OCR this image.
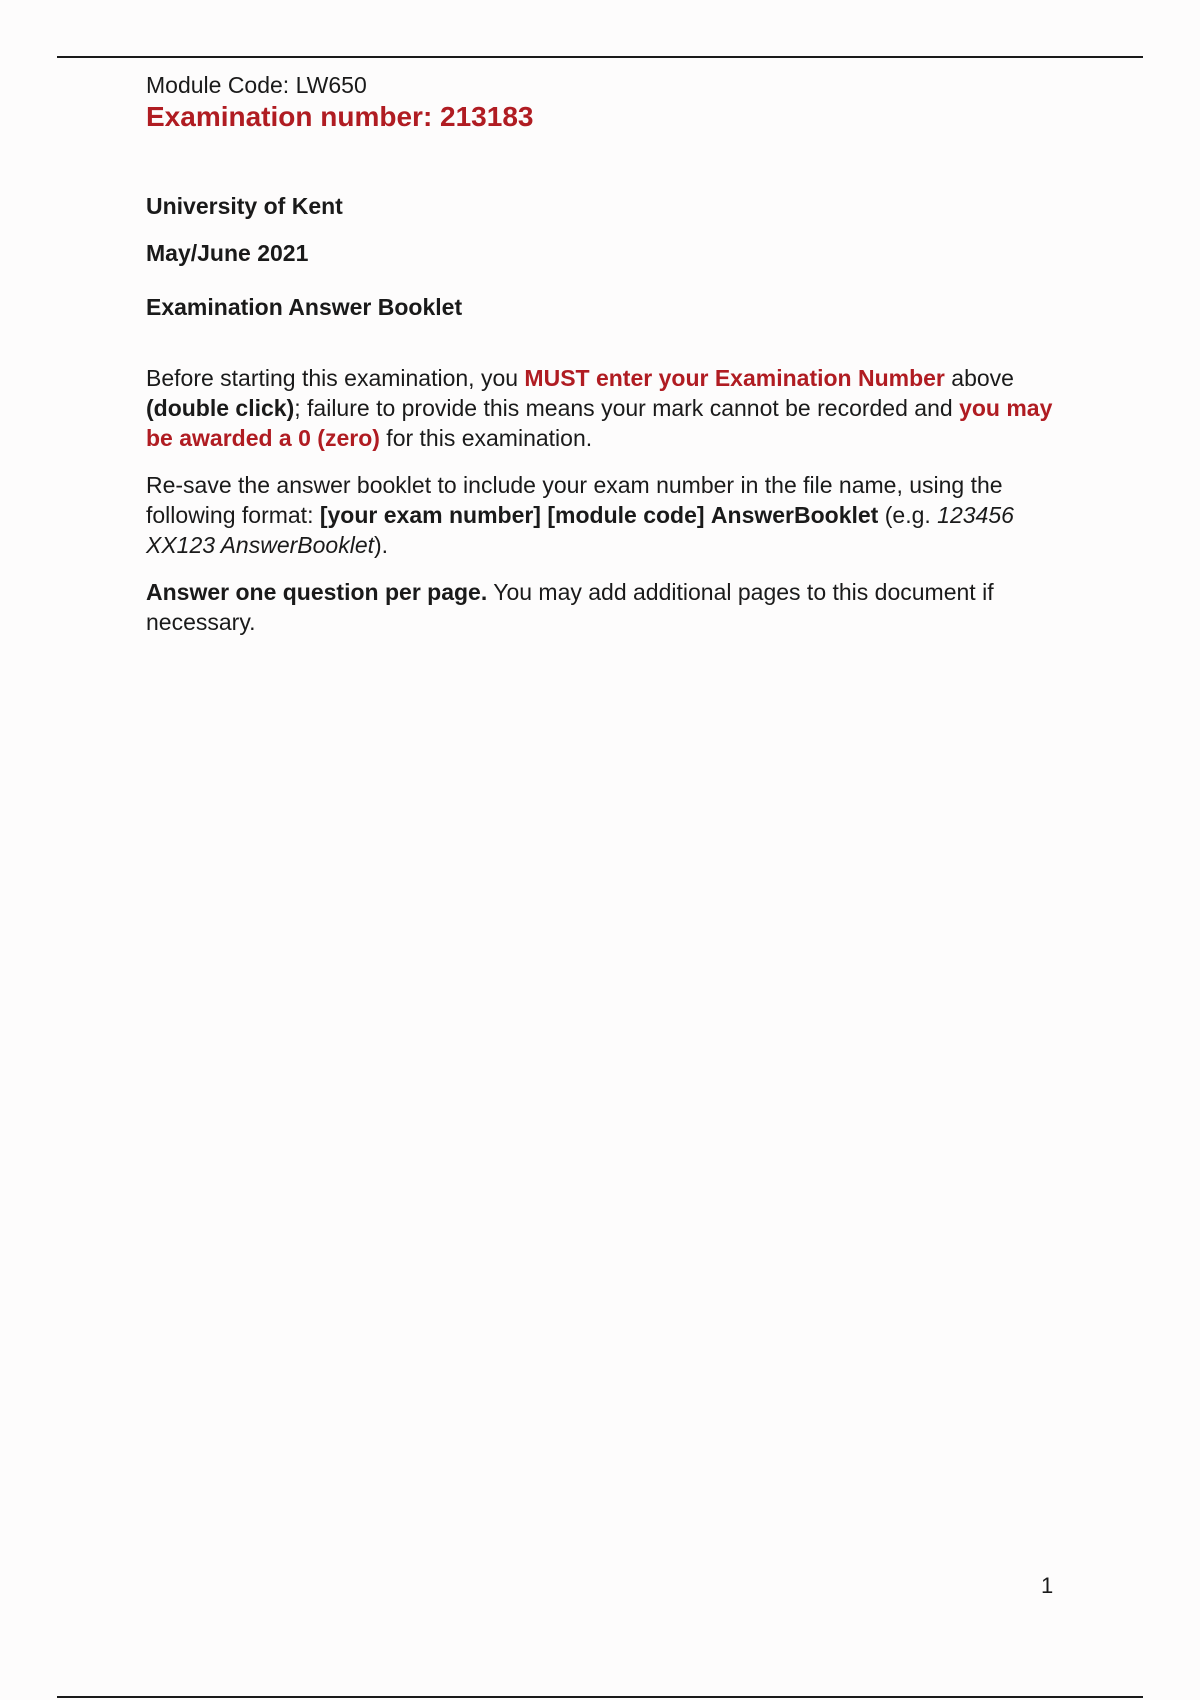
Module Code: LW650

Examination number: 213183

University of Kent

May/June 2021

Examination Answer Booklet

Before starting this examination, you MUST enter your Examination Number above (double click); failure to provide this means your mark cannot be recorded and you may be awarded a 0 (zero) for this examination.

Re-save the answer booklet to include your exam number in the file name, using the following format: [your exam number] [module code] AnswerBooklet (e.g. 123456 XX123 AnswerBooklet).

Answer one question per page. You may add additional pages to this document if necessary.

1
